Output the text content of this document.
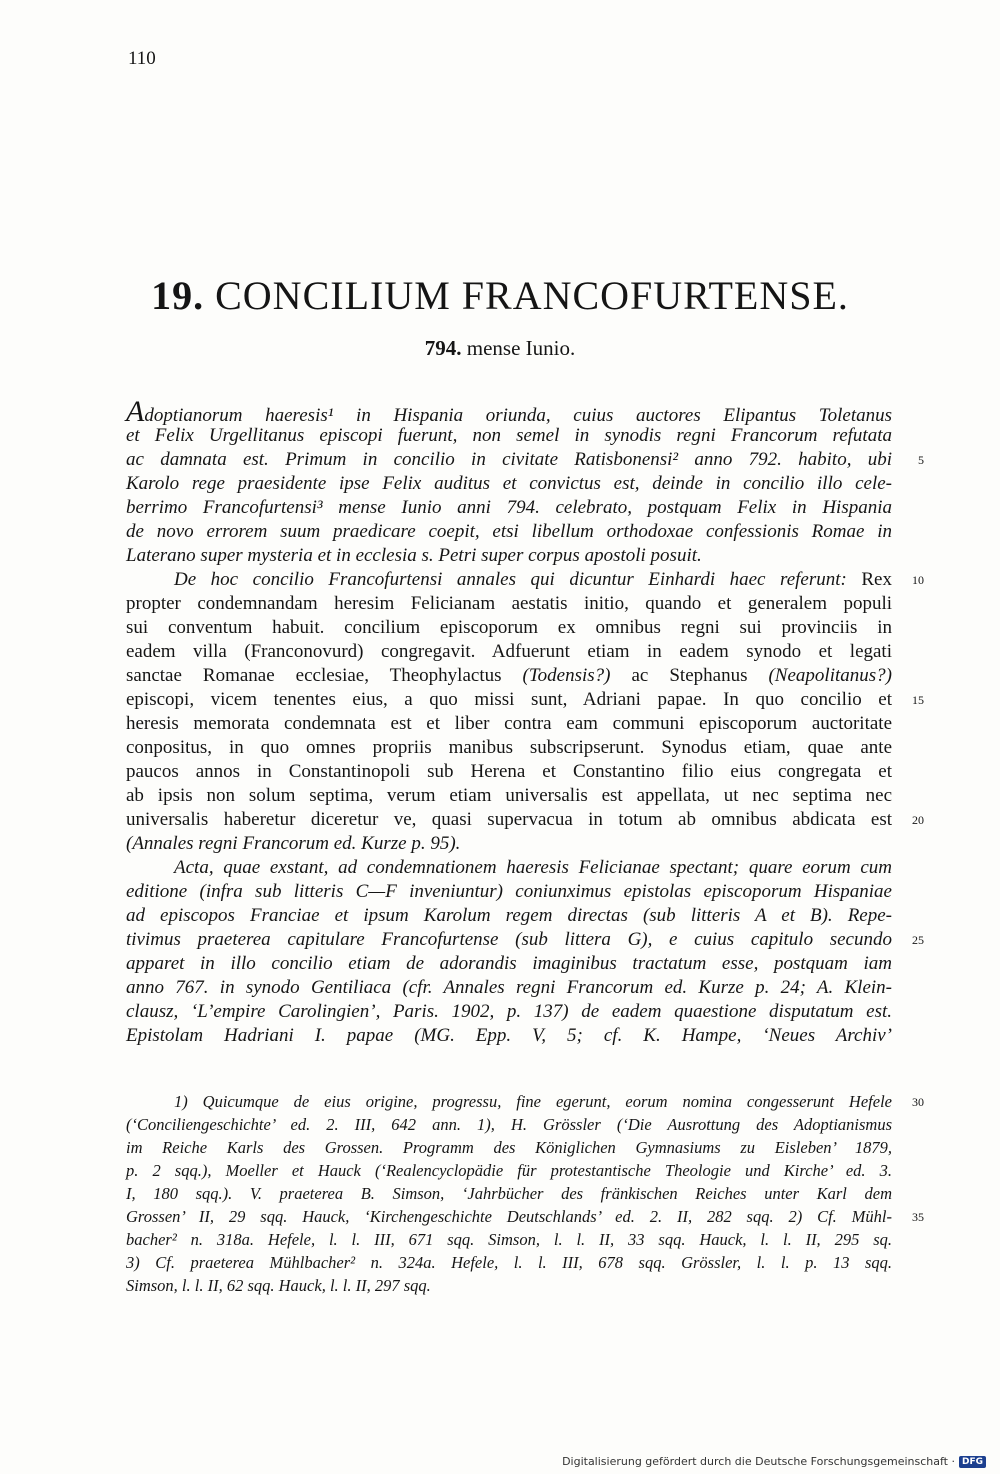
110
19. CONCILIUM FRANCOFURTENSE.
794. mense Iunio.
Adoptianorum haeresis¹ in Hispania oriunda, cuius auctores Elipantus Toletanus
et Felix Urgellitanus episcopi fuerunt, non semel in synodis regni Francorum refutata
ac damnata est. Primum in concilio in civitate Ratisbonensi² anno 792. habito, ubi 5
Karolo rege praesidente ipse Felix auditus et convictus est, deinde in concilio illo cele-
berrimo Francofurtensi³ mense Iunio anni 794. celebrato, postquam Felix in Hispania
de novo errorem suum praedicare coepit, etsi libellum orthodoxae confessionis Romae in
Laterano super mysteria et in ecclesia s. Petri super corpus apostoli posuit.
De hoc concilio Francofurtensi annales qui dicuntur Einhardi haec referunt: Rex 10
propter condemnandam heresim Felicianam aestatis initio, quando et generalem populi
sui conventum habuit. concilium episcoporum ex omnibus regni sui provinciis in
eadem villa (Franconovurd) congregavit. Adfuerunt etiam in eadem synodo et legati
sanctae Romanae ecclesiae, Theophylactus (Todensis?) ac Stephanus (Neapolitanus?)
episcopi, vicem tenentes eius, a quo missi sunt, Adriani papae. In quo concilio et 15
heresis memorata condemnata est et liber contra eam communi episcoporum auctoritate
conpositus, in quo omnes propriis manibus subscripserunt. Synodus etiam, quae ante
paucos annos in Constantinopoli sub Herena et Constantino filio eius congregata et
ab ipsis non solum septima, verum etiam universalis est appellata, ut nec septima nec
universalis haberetur diceretur ve, quasi supervacua in totum ab omnibus abdicata est 20
(Annales regni Francorum ed. Kurze p. 95).
Acta, quae exstant, ad condemnationem haeresis Felicianae spectant; quare eorum cum
editione (infra sub litteris C—F inveniuntur) coniunximus epistolas episcoporum Hispaniae
ad episcopos Franciae et ipsum Karolum regem directas (sub litteris A et B). Repe-
tivimus praeterea capitulare Francofurtense (sub littera G), e cuius capitulo secundo 25
apparet in illo concilio etiam de adorandis imaginibus tractatum esse, postquam iam
anno 767. in synodo Gentiliaca (cfr. Annales regni Francorum ed. Kurze p. 24; A. Klein-
clausz, ‘L’empire Carolingien’, Paris. 1902, p. 137) de eadem quaestione disputatum est.
Epistolam Hadriani I. papae (MG. Epp. V, 5; cf. K. Hampe, ‘Neues Archiv’
1) Quicumque de eius origine, progressu, fine egerunt, eorum nomina congesserunt Hefele 30
(‘Conciliengeschichte’ ed. 2. III, 642 ann. 1), H. Grössler (‘Die Ausrottung des Adoptianismus
im Reiche Karls des Grossen. Programm des Königlichen Gymnasiums zu Eisleben’ 1879,
p. 2 sqq.), Moeller et Hauck (‘Realencyclopädie für protestantische Theologie und Kirche’ ed. 3.
I, 180 sqq.). V. praeterea B. Simson, ‘Jahrbücher des fränkischen Reiches unter Karl dem
Grossen’ II, 29 sqq. Hauck, ‘Kirchengeschichte Deutschlands’ ed. 2. II, 282 sqq. 2) Cf. Mühl- 35
bacher² n. 318a. Hefele, l. l. III, 671 sqq. Simson, l. l. II, 33 sqq. Hauck, l. l. II, 295 sq.
3) Cf. praeterea Mühlbacher² n. 324a. Hefele, l. l. III, 678 sqq. Grössler, l. l. p. 13 sqq.
Simson, l. l. II, 62 sqq. Hauck, l. l. II, 297 sqq.
Digitalisierung gefördert durch die Deutsche Forschungsgemeinschaft · DFG
